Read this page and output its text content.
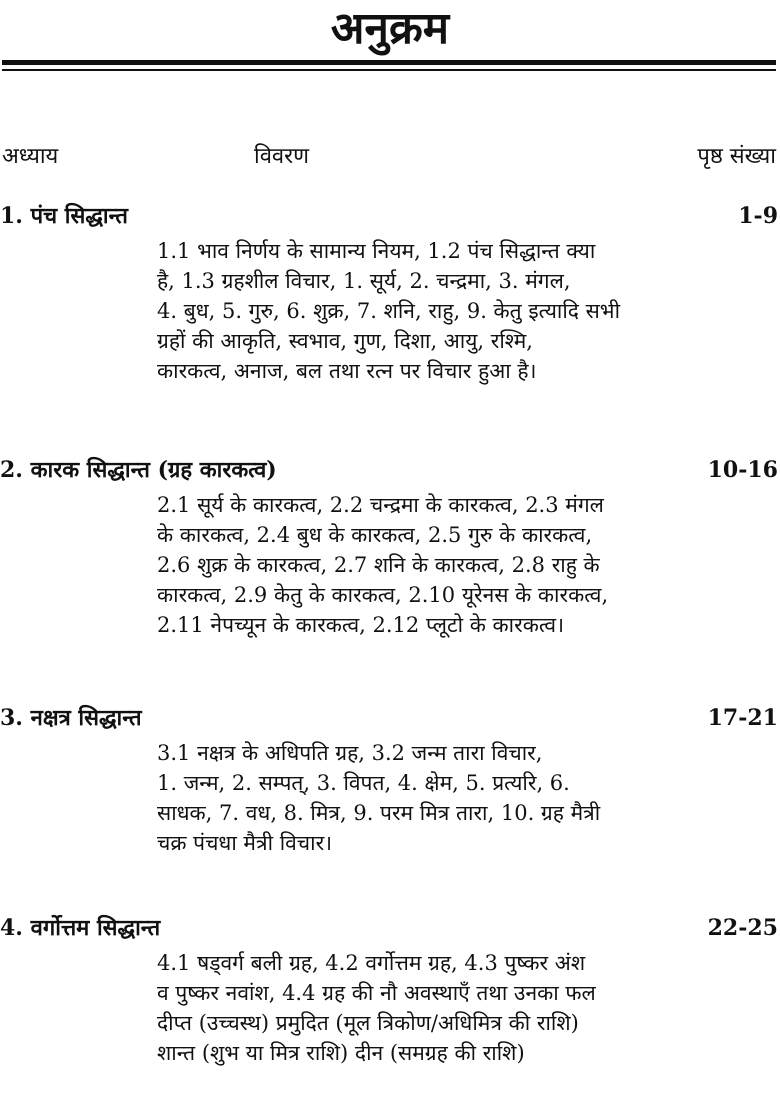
अनुक्रम
अध्याय	विवरण	पृष्ठ संख्या
1. पंच सिद्धान्त	1-9

1.1 भाव निर्णय के सामान्य नियम, 1.2 पंच सिद्धान्त क्या

है, 1.3 ग्रहशील विचार, 1. सूर्य, 2. चन्द्रमा, 3. मंगल,

4. बुध, 5. गुरु, 6. शुक्र, 7. शनि, राहु, 9. केतु इत्यादि सभी

ग्रहों की आकृति, स्वभाव, गुण, दिशा, आयु, रश्मि,

कारकत्व, अनाज, बल तथा रत्न पर विचार हुआ है।

2. कारक सिद्धान्त (ग्रह कारकत्व)	10-16

2.1 सूर्य के कारकत्व, 2.2 चन्द्रमा के कारकत्व, 2.3 मंगल

के कारकत्व, 2.4 बुध के कारकत्व, 2.5 गुरु के कारकत्व,

2.6 शुक्र के कारकत्व, 2.7 शनि के कारकत्व, 2.8 राहु के

कारकत्व, 2.9 केतु के कारकत्व, 2.10 यूरेनस के कारकत्व,

2.11 नेपच्यून के कारकत्व, 2.12 प्लूटो के कारकत्व।

3. नक्षत्र सिद्धान्त	17-21

3.1 नक्षत्र के अधिपति ग्रह, 3.2 जन्म तारा विचार,

1. जन्म, 2. सम्पत्, 3. विपत, 4. क्षेम, 5. प्रत्यरि, 6.

साधक, 7. वध, 8. मित्र, 9. परम मित्र तारा, 10. ग्रह मैत्री

चक्र पंचधा मैत्री विचार।

4. वर्गोत्तम सिद्धान्त	22-25

4.1 षड्वर्ग बली ग्रह, 4.2 वर्गोत्तम ग्रह, 4.3 पुष्कर अंश

व पुष्कर नवांश, 4.4 ग्रह की नौ अवस्थाएँ तथा उनका फल

दीप्त (उच्चस्थ) प्रमुदित (मूल त्रिकोण/अधिमित्र की राशि)

शान्त (शुभ या मित्र राशि) दीन (समग्रह की राशि)
